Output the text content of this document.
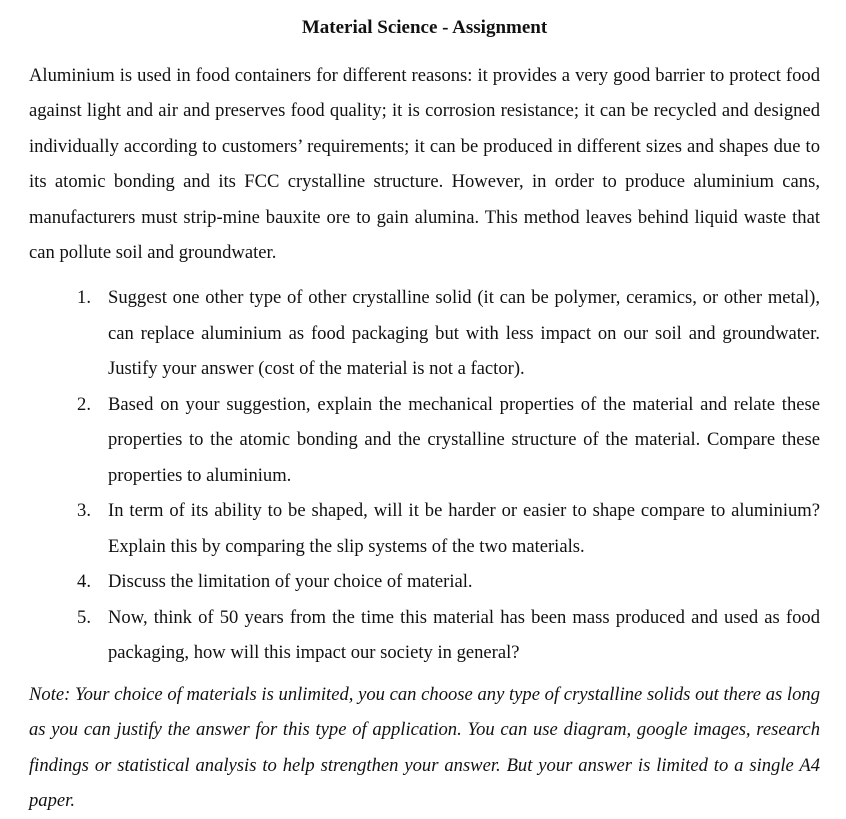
Material Science - Assignment

Aluminium is used in food containers for different reasons: it provides a very good barrier to protect food against light and air and preserves food quality; it is corrosion resistance; it can be recycled and designed individually according to customers’ requirements; it can be produced in different sizes and shapes due to its atomic bonding and its FCC crystalline structure. However, in order to produce aluminium cans, manufacturers must strip-mine bauxite ore to gain alumina. This method leaves behind liquid waste that can pollute soil and groundwater.

1. Suggest one other type of other crystalline solid (it can be polymer, ceramics, or other metal), can replace aluminium as food packaging but with less impact on our soil and groundwater. Justify your answer (cost of the material is not a factor).
2. Based on your suggestion, explain the mechanical properties of the material and relate these properties to the atomic bonding and the crystalline structure of the material. Compare these properties to aluminium.
3. In term of its ability to be shaped, will it be harder or easier to shape compare to aluminium? Explain this by comparing the slip systems of the two materials.
4. Discuss the limitation of your choice of material.
5. Now, think of 50 years from the time this material has been mass produced and used as food packaging, how will this impact our society in general?

Note: Your choice of materials is unlimited, you can choose any type of crystalline solids out there as long as you can justify the answer for this type of application. You can use diagram, google images, research findings or statistical analysis to help strengthen your answer. But your answer is limited to a single A4 paper.
